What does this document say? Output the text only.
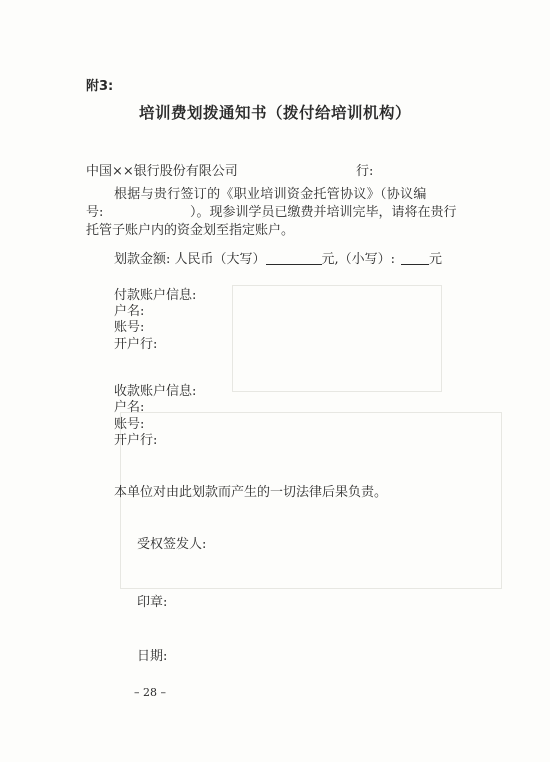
附3:
培训费划拨通知书（拨付给培训机构）
中国××银行股份有限公司	行:
根据与贵行签订的《职业培训资金托管协议》（协议编
号:	）。现参训学员已缴费并培训完毕，请将在贵行
托管子账户内的资金划至指定账户。
划款金额: 人民币（大写）	元,（小写）:	元
付款账户信息:
户名:
账号:
开户行:
收款账户信息:
户名:
账号:
开户行:
本单位对由此划款而产生的一切法律后果负责。
受权签发人:
印章:
日期:
– 28 –
